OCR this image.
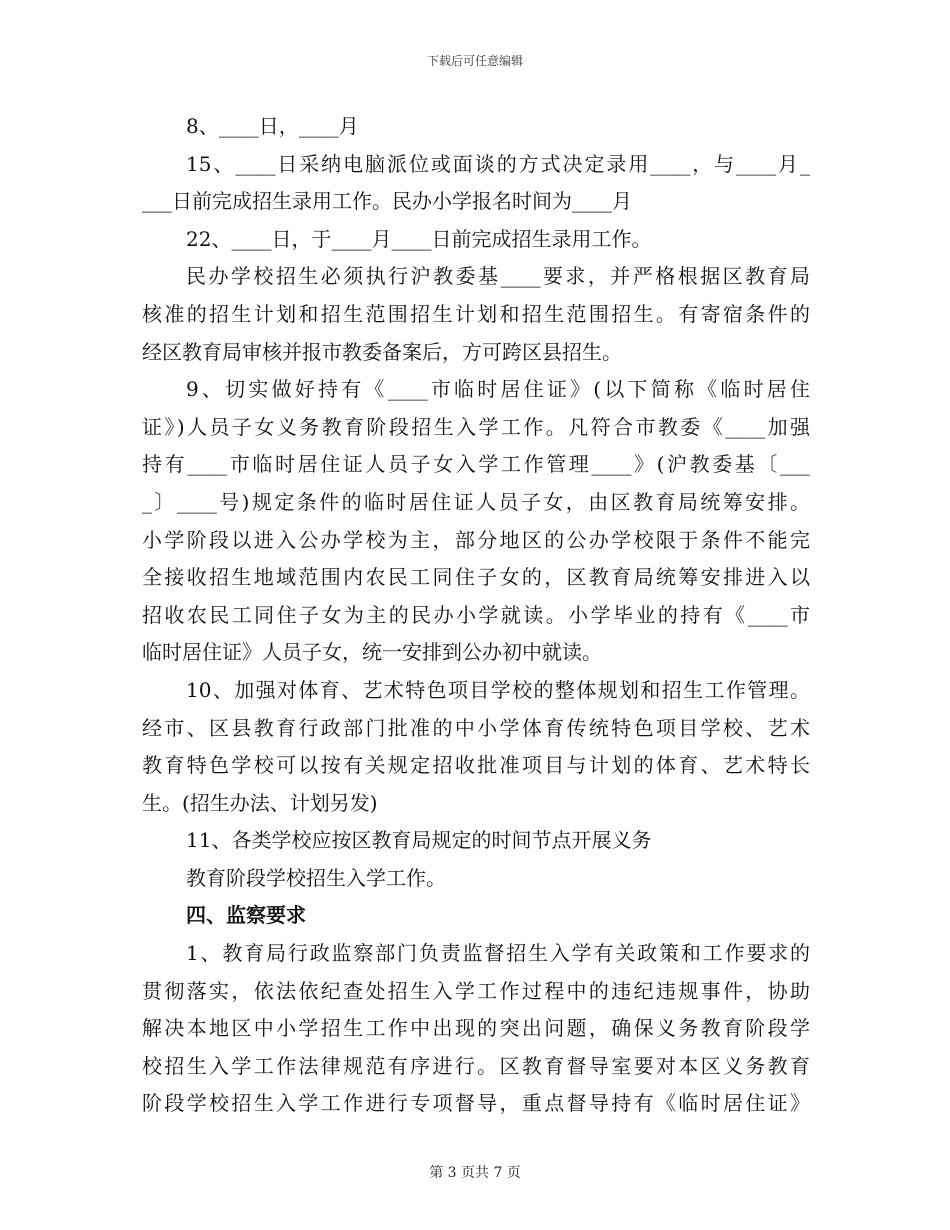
下载后可任意编辑
8、____日，____月
15、____日采纳电脑派位或面谈的方式决定录用____，与____月_
___日前完成招生录用工作。民办小学报名时间为____月
22、____日，于____月____日前完成招生录用工作。
民办学校招生必须执行沪教委基____要求，并严格根据区教育局
核准的招生计划和招生范围招生计划和招生范围招生。有寄宿条件的
经区教育局审核并报市教委备案后，方可跨区县招生。
9、切实做好持有《____市临时居住证》(以下简称《临时居住
证》)人员子女义务教育阶段招生入学工作。凡符合市教委《____加强
持有____市临时居住证人员子女入学工作管理____》(沪教委基〔___
_〕____号)规定条件的临时居住证人员子女，由区教育局统筹安排。
小学阶段以进入公办学校为主，部分地区的公办学校限于条件不能完
全接收招生地域范围内农民工同住子女的，区教育局统筹安排进入以
招收农民工同住子女为主的民办小学就读。小学毕业的持有《____市
临时居住证》人员子女，统一安排到公办初中就读。
10、加强对体育、艺术特色项目学校的整体规划和招生工作管理。
经市、区县教育行政部门批准的中小学体育传统特色项目学校、艺术
教育特色学校可以按有关规定招收批准项目与计划的体育、艺术特长
生。(招生办法、计划另发)
11、各类学校应按区教育局规定的时间节点开展义务
教育阶段学校招生入学工作。
四、监察要求
1、教育局行政监察部门负责监督招生入学有关政策和工作要求的
贯彻落实，依法依纪查处招生入学工作过程中的违纪违规事件，协助
解决本地区中小学招生工作中出现的突出问题，确保义务教育阶段学
校招生入学工作法律规范有序进行。区教育督导室要对本区义务教育
阶段学校招生入学工作进行专项督导，重点督导持有《临时居住证》
第 3 页共 7 页
